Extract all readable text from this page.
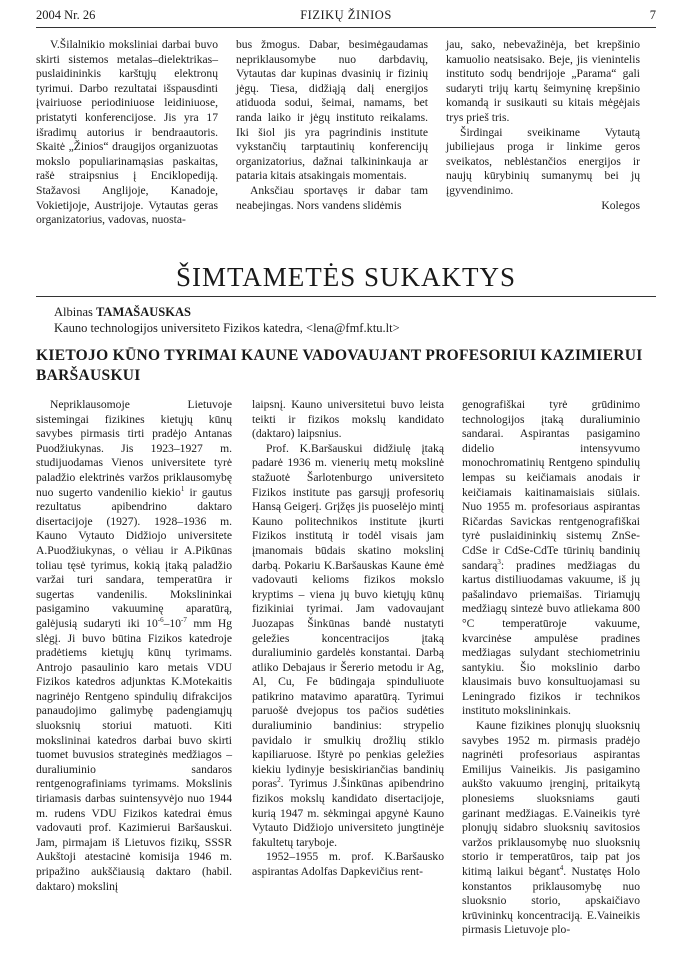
2004 Nr. 26	FIZIKŲ ŽINIOS	7

V.Šilalnikio moksliniai darbai buvo skirti sistemos metalas–dielektrikas–puslaidininkis karštųjų elektronų tyrimui. Darbo rezultatai išspausdinti įvairiuose periodiniuose leidiniuose, pristatyti konferencijose. Jis yra 17 išradimų autorius ir bendraautoris. Skaitė „Žinios“ draugijos organizuotas mokslo populiarinamąsias paskaitas, rašė straipsnius į Enciklopediją. Stažavosi Anglijoje, Kanadoje, Vokietijoje, Austrijoje. Vytautas geras organizatorius, vadovas, nuosta-

bus žmogus. Dabar, besimėgaudamas nepriklausomybe nuo darbdavių, Vytautas dar kupinas dvasinių ir fizinių jėgų. Tiesa, didžiąją dalį energijos atiduoda sodui, šeimai, namams, bet randa laiko ir jėgų instituto reikalams. Iki šiol jis yra pagrindinis institute vykstančių tarptautinių konferencijų organizatorius, dažnai talkininkauja ar pataria kitais atsakingais momentais.

Anksčiau sportavęs ir dabar tam neabejingas. Nors vandens slidėmis

jau, sako, nebevažinėja, bet krepšinio kamuolio neatsisako. Beje, jis vienintelis instituto sodų bendrijoje „Parama“ gali sudaryti trijų kartų šeimyninę krepšinio komandą ir susikauti su kitais mėgėjais trys prieš tris.

Širdingai sveikiname Vytautą jubiliejaus proga ir linkime geros sveikatos, neblėstančios energijos ir naujų kūrybinių sumanymų bei jų įgyvendinimo.

Kolegos

ŠIMTAMETĖS SUKAKTYS
Albinas TAMAŠAUSKAS
Kauno technologijos universiteto Fizikos katedra, <lena@fmf.ktu.lt>
KIETOJO KŪNO TYRIMAI KAUNE VADOVAUJANT PROFESORIUI KAZIMIERUI BARŠAUSKUI

Nepriklausomoje Lietuvoje sistemingai fizikines kietųjų kūnų savybes pirmasis tirti pradėjo Antanas Puodžiukynas. Jis 1923–1927 m. studijuodamas Vienos universitete tyrė paladžio elektrinės varžos priklausomybę nuo sugerto vandenilio kiekio$^1$ ir gautus rezultatus apibendrino daktaro disertacijoje (1927). 1928–1936 m. Kauno Vytauto Didžiojo universitete A.Puodžiukynas, o vėliau ir A.Pikūnas toliau tęsė tyrimus, kokią įtaką paladžio varžai turi sandara, temperatūra ir sugertas vandenilis. Mokslininkai pasigamino vakuuminę aparatūrą, galėjusią sudaryti iki $10^{-6}-10^{-7}$ mm Hg slėgį. Ji buvo būtina Fizikos katedroje pradėtiems kietųjų kūnų tyrimams. Antrojo pasaulinio karo metais VDU Fizikos katedros adjunktas K.Motekaitis nagrinėjo Rentgeno spindulių difrakcijos panaudojimo galimybę padengiamųjų sluoksnių storiui matuoti. Kiti mokslininai katedros darbai buvo skirti tuomet buvusios strateginės medžiagos – duraliuminio sandaros rentgenografiniams tyrimams. Mokslinis tiriamasis darbas suintensyvėjo nuo 1944 m. rudens VDU Fizikos katedrai ėmus vadovauti prof. Kazimierui Baršauskui. Jam, pirmajam iš Lietuvos fizikų, SSSR Aukštoji atestacinė komisija 1946 m. pripažino aukščiausią daktaro (habil. daktaro) mokslinį

laipsnį. Kauno universitetui buvo leista teikti ir fizikos mokslų kandidato (daktaro) laipsnius.

Prof. K.Baršauskui didžiulę įtaką padarė 1936 m. vienerių metų mokslinė stažuotė Šarlotenburgo universiteto Fizikos institute pas garsųjį profesorių Hansą Geigerį. Grįžęs jis puoselėjo mintį Kauno politechnikos institute įkurti Fizikos institutą ir todėl visais jam įmanomais būdais skatino mokslinį darbą. Pokariu K.Baršauskas Kaune ėmė vadovauti kelioms fizikos mokslo kryptims – viena jų buvo kietųjų kūnų fizikiniai tyrimai. Jam vadovaujant Juozapas Šinkūnas bandė nustatyti geležies koncentracijos įtaką duraliuminio gardelės konstantai. Darbą atliko Debajaus ir Šererio metodu ir Ag, Al, Cu, Fe būdingaja spinduliuote patikrino matavimo aparatūrą. Tyrimui paruošė dvejopus tos pačios sudėties duraliuminio bandinius: strypelio pavidalo ir smulkių drožlių stiklo kapiliaruose. Ištyrė po penkias geležies kiekiu lydinyje besiskiriančias bandinių poras$^2$. Tyrimus J.Šinkūnas apibendrino fizikos mokslų kandidato disertacijoje, kurią 1947 m. sėkmingai apgynė Kauno Vytauto Didžiojo universiteto jungtinėje fakultetų taryboje.

1952–1955 m. prof. K.Baršausko aspirantas Adolfas Dapkevičius rent-

genografiškai tyrė grūdinimo technologijos įtaką duraliuminio sandarai. Aspirantas pasigamino didelio intensyvumo monochromatinių Rentgeno spindulių lempas su keičiamais anodais ir keičiamais kaitinamaisiais siūlais. Nuo 1955 m. profesoriaus aspirantas Ričardas Savickas rentgenografiškai tyrė puslaidininkių sistemų ZnSe-CdSe ir CdSe-CdTe tūrinių bandinių sandarą$^3$: pradines medžiagas du kartus distiliuodamas vakuume, iš jų pašalindavo priemaišas. Tiriamųjų medžiagų sintezė buvo atliekama 800 °C temperatūroje vakuume, kvarcinėse ampulėse pradines medžiagas sulydant stechiometriniu santykiu. Šio mokslinio darbo klausimais buvo konsultuojamasi su Leningrado fizikos ir technikos instituto mokslininkais.

Kaune fizikines plonųjų sluoksnių savybes 1952 m. pirmasis pradėjo nagrinėti profesoriaus aspirantas Emilijus Vaineikis. Jis pasigamino aukšto vakuumo įrenginį, pritaikytą plonesiems sluoksniams gauti garinant medžiagas. E.Vaineikis tyrė plonųjų sidabro sluoksnių savitosios varžos priklausomybę nuo sluoksnių storio ir temperatūros, taip pat jos kitimą laikui bėgant$^4$. Nustatęs Holo konstantos priklausomybę nuo sluoksnio storio, apskaičiavo krūvininkų koncentraciją. E.Vaineikis pirmasis Lietuvoje plo-
